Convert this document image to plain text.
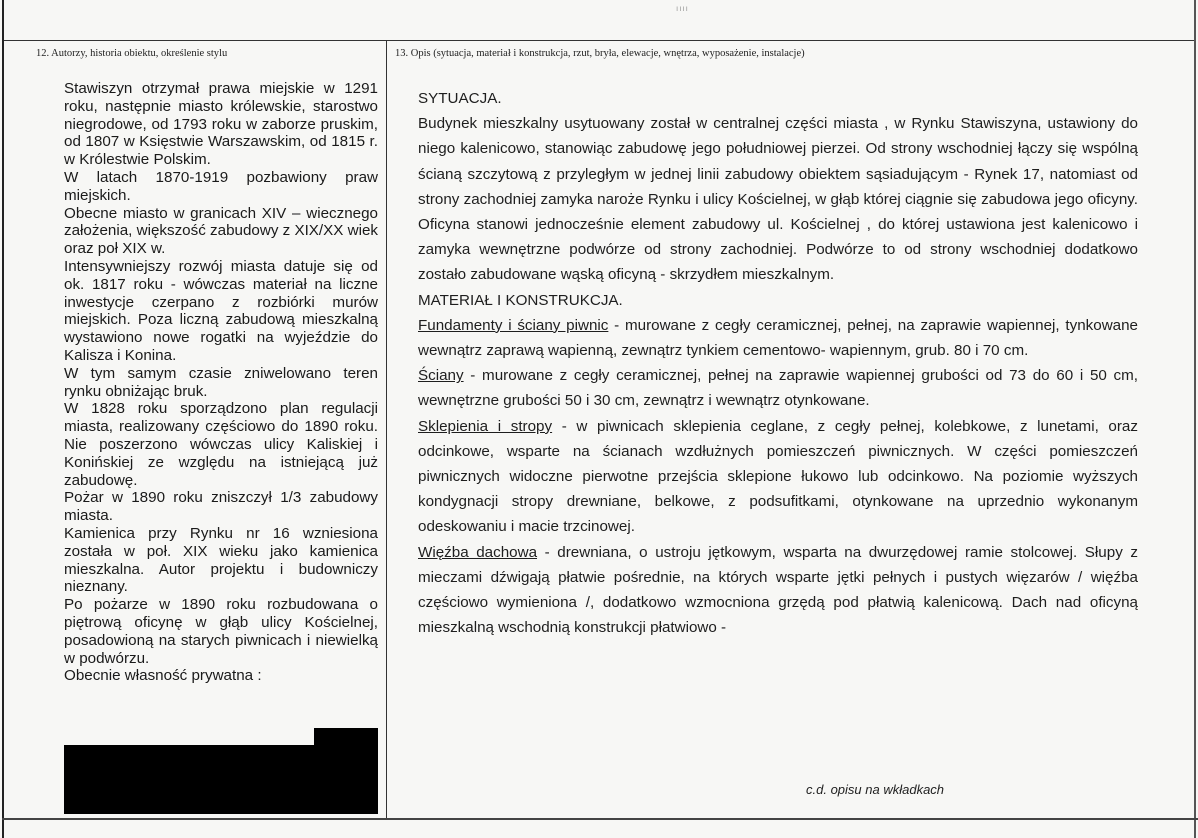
ıııı
12. Autorzy, historia obiektu, określenie stylu	13. Opis (sytuacja, materiał i konstrukcja, rzut, bryła, elewacje, wnętrza, wyposażenie, instalacje)

Stawiszyn otrzymał prawa miejskie w 1291 roku, następnie miasto królewskie, starostwo niegrodowe, od 1793 roku w zaborze pruskim, od 1807 w Księstwie Warszawskim, od 1815 r. w Królestwie Polskim.

W latach 1870-1919 pozbawiony praw miejskich.

Obecne miasto w granicach XIV – wiecznego założenia, większość zabudowy z XIX/XX wiek oraz poł XIX w.

Intensywniejszy rozwój miasta datuje się od ok. 1817 roku - wówczas materiał na liczne inwestycje czerpano z rozbiórki murów miejskich. Poza liczną zabudową mieszkalną wystawiono nowe rogatki na wyjeździe do Kalisza i Konina.

W tym samym czasie zniwelowano teren rynku obniżając bruk.

W 1828 roku sporządzono plan regulacji miasta, realizowany częściowo do 1890 roku. Nie poszerzono wówczas ulicy Kaliskiej i Konińskiej ze względu na istniejącą już zabudowę.

Pożar w 1890 roku zniszczył 1/3 zabudowy miasta.

Kamienica przy Rynku nr 16 wzniesiona została w poł. XIX wieku jako kamienica mieszkalna. Autor projektu i budowniczy nieznany.

Po pożarze w 1890 roku rozbudowana o piętrową oficynę w głąb ulicy Kościelnej, posadowioną na starych piwnicach i niewielką w podwórzu.

Obecnie własność prywatna :

SYTUACJA.

Budynek mieszkalny usytuowany został w centralnej części miasta , w Rynku Stawiszyna, ustawiony do niego kalenicowo, stanowiąc zabudowę jego południowej pierzei. Od strony wschodniej łączy się wspólną ścianą szczytową z przyległym w jednej linii zabudowy obiektem sąsiadującym - Rynek 17, natomiast od strony zachodniej zamyka naroże Rynku i ulicy Kościelnej, w głąb której ciągnie się zabudowa jego oficyny. Oficyna stanowi jednocześnie element zabudowy ul. Kościelnej , do której ustawiona jest kalenicowo i zamyka wewnętrzne podwórze od strony zachodniej. Podwórze to od strony wschodniej dodatkowo zostało zabudowane wąską oficyną - skrzydłem mieszkalnym.

MATERIAŁ I KONSTRUKCJA.

Fundamenty i ściany piwnic - murowane z cegły ceramicznej, pełnej, na zaprawie wapiennej, tynkowane wewnątrz zaprawą wapienną, zewnątrz tynkiem cementowo- wapiennym, grub. 80 i 70 cm.

Ściany - murowane z cegły ceramicznej, pełnej na zaprawie wapiennej grubości od 73 do 60 i 50 cm, wewnętrzne grubości 50 i 30 cm, zewnątrz i wewnątrz otynkowane.

Sklepienia i stropy - w piwnicach sklepienia ceglane, z cegły pełnej, kolebkowe, z lunetami, oraz odcinkowe, wsparte na ścianach wzdłużnych pomieszczeń piwnicznych. W części pomieszczeń piwnicznych widoczne pierwotne przejścia sklepione łukowo lub odcinkowo. Na poziomie wyższych kondygnacji stropy drewniane, belkowe, z podsufitkami, otynkowane na uprzednio wykonanym odeskowaniu i macie trzcinowej.

Więźba dachowa - drewniana, o ustroju jętkowym, wsparta na dwurzędowej ramie stolcowej. Słupy z mieczami dźwigają płatwie pośrednie, na których wsparte jętki pełnych i pustych więzarów / więźba częściowo wymieniona /, dodatkowo wzmocniona grzędą pod płatwią kalenicową. Dach nad oficyną mieszkalną wschodnią konstrukcji płatwiowo -

c.d. opisu na wkładkach
